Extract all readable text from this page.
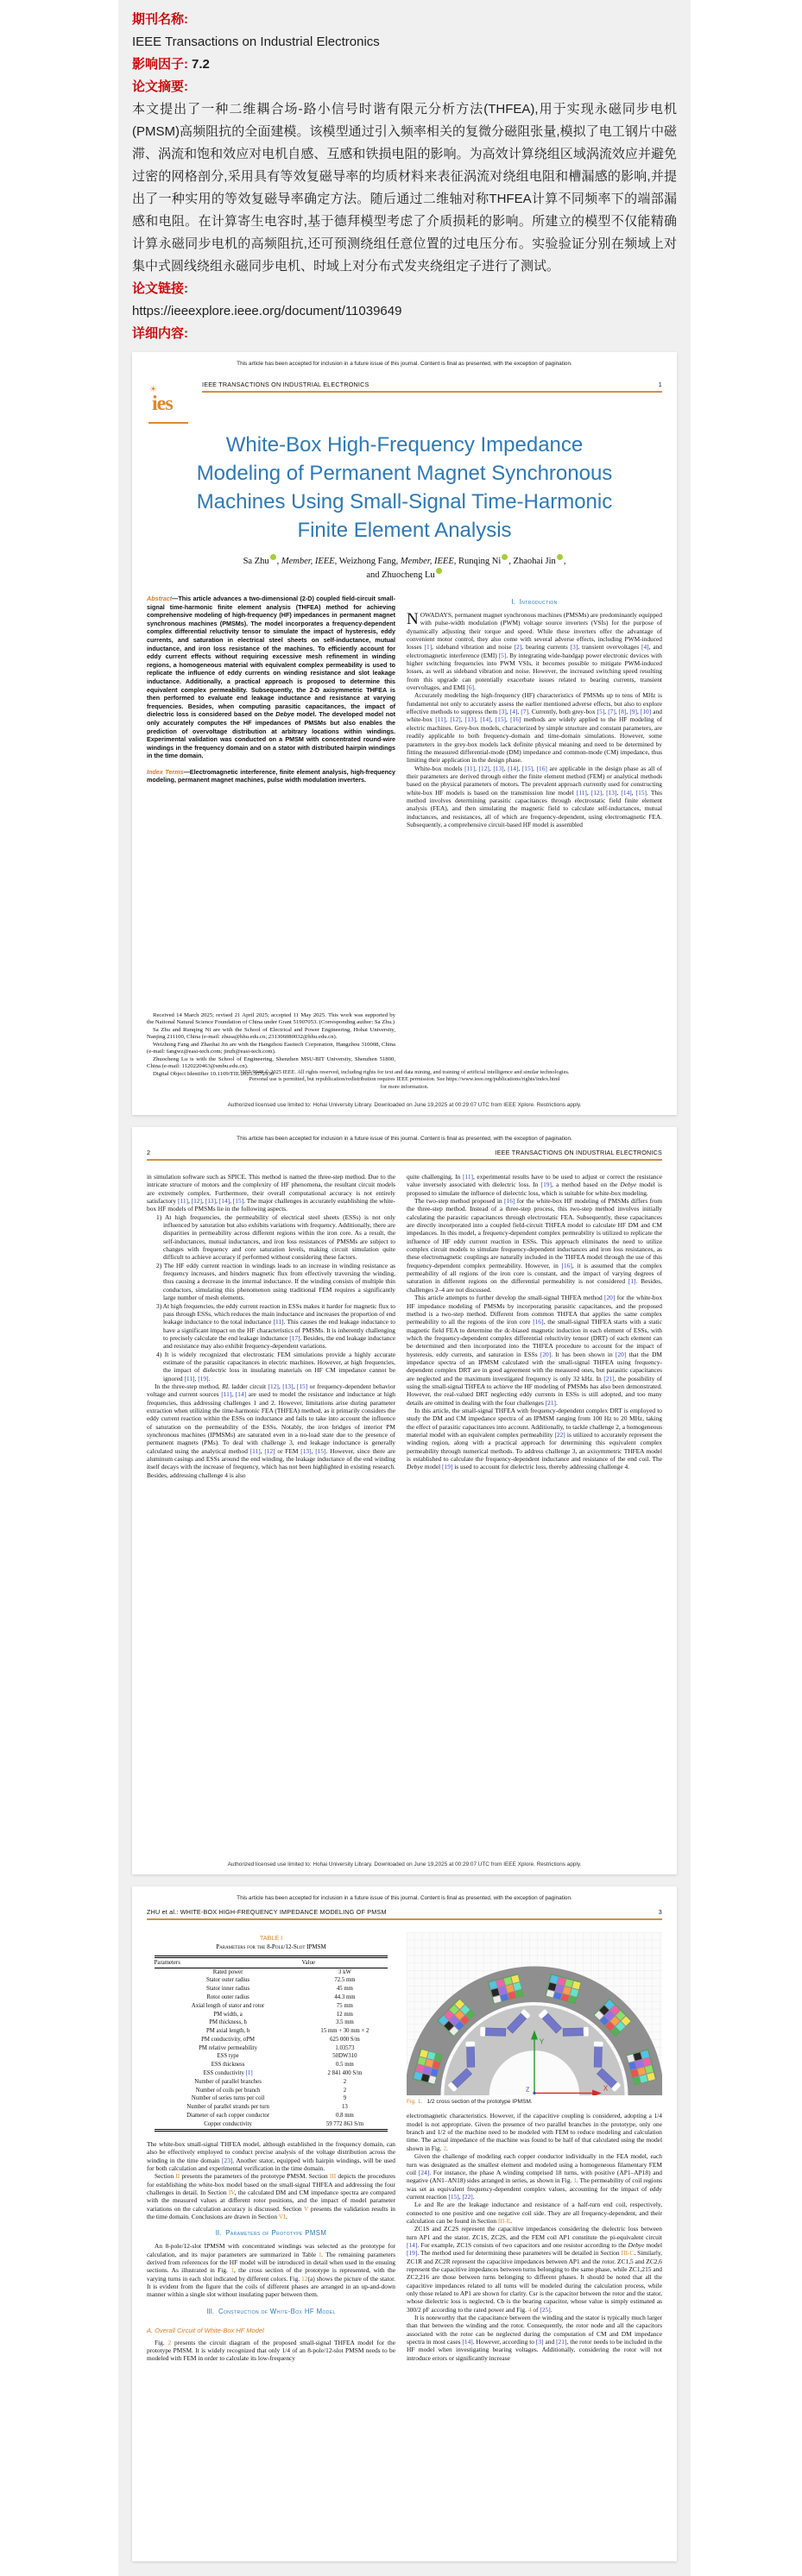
期刊名称:

IEEE Transactions on Industrial Electronics

影响因子: 7.2

论文摘要:

本文提出了一种二维耦合场-路小信号时谐有限元分析方法(THFEA),用于实现永磁同步电机(PMSM)高频阻抗的全面建模。该模型通过引入频率相关的复微分磁阻张量,模拟了电工钢片中磁滞、涡流和饱和效应对电机自感、互感和铁损电阻的影响。为高效计算绕组区域涡流效应并避免过密的网格剖分,采用具有等效复磁导率的均质材料来表征涡流对绕组电阻和槽漏感的影响,并提出了一种实用的等效复磁导率确定方法。随后通过二维轴对称THFEA计算不同频率下的端部漏感和电阻。在计算寄生电容时,基于德拜模型考虑了介质损耗的影响。所建立的模型不仅能精确计算永磁同步电机的高频阻抗,还可预测绕组任意位置的过电压分布。实验验证分别在频域上对集中式圆线绕组永磁同步电机、时域上对分布式发夹绕组定子进行了测试。

论文链接:

https://ieeexplore.ieee.org/document/11039649

详细内容:

This article has been accepted for inclusion in a future issue of this journal. Content is final as presented, with the exception of pagination.
☀
ies
IEEE TRANSACTIONS ON INDUSTRIAL ELECTRONICS	1
White-Box High-Frequency Impedance
Modeling of Permanent Magnet Synchronous
Machines Using Small-Signal Time-Harmonic
Finite Element Analysis
Sa Zhu , Member, IEEE, Weizhong Fang, Member, IEEE, Runqing Ni , Zhaohai Jin ,
and Zhuocheng Lu

Abstract—This article advances a two-dimensional (2-D) coupled field-circuit small-signal time-harmonic finite element analysis (THFEA) method for achieving comprehensive modeling of high-frequency (HF) impedances in permanent magnet synchronous machines (PMSMs). The model incorporates a frequency-dependent complex differential reluctivity tensor to simulate the impact of hysteresis, eddy currents, and saturation in electrical steel sheets on self-inductance, mutual inductance, and iron loss resistance of the machines. To efficiently account for eddy current effects without requiring excessive mesh refinement in winding regions, a homogeneous material with equivalent complex permeability is used to replicate the influence of eddy currents on winding resistance and slot leakage inductance. Additionally, a practical approach is proposed to determine this equivalent complex permeability. Subsequently, the 2-D axisymmetric THFEA is then performed to evaluate end leakage inductance and resistance at varying frequencies. Besides, when computing parasitic capacitances, the impact of dielectric loss is considered based on the Debye model. The developed model not only accurately computes the HF impedances of PMSMs but also enables the prediction of overvoltage distribution at arbitrary locations within windings. Experimental validation was conducted on a PMSM with concentrated round-wire windings in the frequency domain and on a stator with distributed hairpin windings in the time domain.

Index Terms—Electromagnetic interference, finite element analysis, high-frequency modeling, permanent magnet machines, pulse width modulation inverters.

Received 14 March 2025; revised 21 April 2025; accepted 11 May 2025. This work was supported by the National Natural Science Foundation of China under Grant 51907053. (Corresponding author: Sa Zhu.)

Sa Zhu and Runqing Ni are with the School of Electrical and Power Engineering, Hohai University, Nanjing 211100, China (e-mail: zhusa@hhu.edu.cn; 231306080032@hhu.edu.cn).

Weizhong Fang and Zhaohai Jin are with the Hangzhou Easitech Corporation, Hangzhou 310008, China (e-mail: fangwz@easi-tech.com; jinzh@easi-tech.com).

Zhuocheng Lu is with the School of Engineering, Shenzhen MSU-BIT University, Shenzhen 51800, China (e-mail: 1120220463@smbu.edu.cn).

Digital Object Identifier 10.1109/TIE.2025.3572930

I. Introduction

NOWADAYS, permanent magnet synchronous machines (PMSMs) are predominantly equipped with pulse-width modulation (PWM) voltage source inverters (VSIs) for the purpose of dynamically adjusting their torque and speed. While these inverters offer the advantage of convenient motor control, they also come with several adverse effects, including PWM-induced losses [1], sideband vibration and noise [2], bearing currents [3], transient overvoltages [4], and electromagnetic interference (EMI) [5]. By integrating wide-bandgap power electronic devices with higher switching frequencies into PWM VSIs, it becomes possible to mitigate PWM-induced losses, as well as sideband vibration and noise. However, the increased switching speed resulting from this upgrade can potentially exacerbate issues related to bearing currents, transient overvoltages, and EMI [6].

Accurately modeling the high-frequency (HF) characteristics of PMSMs up to tens of MHz is fundamental not only to accurately assess the earlier mentioned adverse effects, but also to explore effective methods to suppress them [3], [4], [7]. Currently, both grey-box [5], [7], [8], [9], [10] and white-box [11], [12], [13], [14], [15], [16] methods are widely applied to the HF modeling of electric machines. Grey-box models, characterized by simple structure and constant parameters, are readily applicable to both frequency-domain and time-domain simulations. However, some parameters in the grey-box models lack definite physical meaning and need to be determined by fitting the measured differential-mode (DM) impedance and common-mode (CM) impedance, thus limiting their application in the design phase.

White-box models [11], [12], [13], [14], [15], [16] are applicable in the design phase as all of their parameters are derived through either the finite element method (FEM) or analytical methods based on the physical parameters of motors. The prevalent approach currently used for constructing white-box HF models is based on the transmission line model [11], [12], [13], [14], [15]. This method involves determining parasitic capacitances through electrostatic field finite element analysis (FEA), and then simulating the magnetic field to calculate self-inductances, mutual inductances, and resistances, all of which are frequency-dependent, using electromagnetic FEA. Subsequently, a comprehensive circuit-based HF model is assembled

1557-9948 © 2025 IEEE. All rights reserved, including rights for text and data mining, and training of artificial intelligence and similar technologies.
Personal use is permitted, but republication/redistribution requires IEEE permission. See https://www.ieee.org/publications/rights/index.html
for more information.
Authorized licensed use limited to: Hohai University Library. Downloaded on June 19,2025 at 00:29:07 UTC from IEEE Xplore. Restrictions apply.
This article has been accepted for inclusion in a future issue of this journal. Content is final as presented, with the exception of pagination.
2	IEEE TRANSACTIONS ON INDUSTRIAL ELECTRONICS

in simulation software such as SPICE. This method is named the three-step method. Due to the intricate structure of motors and the complexity of HF phenomena, the resultant circuit models are extremely complex. Furthermore, their overall computational accuracy is not entirely satisfactory [11], [12], [13], [14], [15]. The major challenges in accurately establishing the white-box HF models of PMSMs lie in the following aspects.

1) At high frequencies, the permeability of electrical steel sheets (ESSs) is not only influenced by saturation but also exhibits variations with frequency. Additionally, there are disparities in permeability across different regions within the iron core. As a result, the self-inductances, mutual inductances, and iron loss resistances of PMSMs are subject to changes with frequency and core saturation levels, making circuit simulation quite difficult to achieve accuracy if performed without considering these factors.

2) The HF eddy current reaction in windings leads to an increase in winding resistance as frequency increases, and hinders magnetic flux from effectively traversing the winding, thus causing a decrease in the internal inductance. If the winding consists of multiple thin conductors, simulating this phenomenon using traditional FEM requires a significantly large number of mesh elements.

3) At high frequencies, the eddy current reaction in ESSs makes it harder for magnetic flux to pass through ESSs, which reduces the main inductance and increases the proportion of end leakage inductance to the total inductance [11]. This causes the end leakage inductance to have a significant impact on the HF characteristics of PMSMs. It is inherently challenging to precisely calculate the end leakage inductance [17]. Besides, the end leakage inductance and resistance may also exhibit frequency-dependent variations.

4) It is widely recognized that electrostatic FEM simulations provide a highly accurate estimate of the parasitic capacitances in electric machines. However, at high frequencies, the impact of dielectric loss in insulating materials on HF CM impedance cannot be ignored [11], [19].

In the three-step method, RL ladder circuit [12], [13], [15] or frequency-dependent behavior voltage and current sources [11], [14] are used to model the resistance and inductance at high frequencies, thus addressing challenges 1 and 2. However, limitations arise during parameter extraction when utilizing the time-harmonic FEA (THFEA) method, as it primarily considers the eddy current reaction within the ESSs on inductance and fails to take into account the influence of saturation on the permeability of the ESSs. Notably, the iron bridges of interior PM synchronous machines (IPMSMs) are saturated even in a no-load state due to the presence of permanent magnets (PMs). To deal with challenge 3, end leakage inductance is generally calculated using the analytical method [11], [12] or FEM [13], [15]. However, since there are aluminum casings and ESSs around the end winding, the leakage inductance of the end winding itself decays with the increase of frequency, which has not been highlighted in existing research. Besides, addressing challenge 4 is also

quite challenging. In [11], experimental results have to be used to adjust or correct the resistance value inversely associated with dielectric loss. In [19], a method based on the Debye model is proposed to simulate the influence of dielectric loss, which is suitable for white-box modeling.

The two-step method proposed in [16] for the white-box HF modeling of PMSMs differs from the three-step method. Instead of a three-step process, this two-step method involves initially calculating the parasitic capacitances through electrostatic FEA. Subsequently, these capacitances are directly incorporated into a coupled field-circuit THFEA model to calculate HF DM and CM impedances. In this model, a frequency-dependent complex permeability is utilized to replicate the influence of HF eddy current reaction in ESSs. This approach eliminates the need to utilize complex circuit models to simulate frequency-dependent inductances and iron loss resistances, as these electromagnetic couplings are naturally included in the THFEA model through the use of this frequency-dependent complex permeability. However, in [16], it is assumed that the complex permeability of all regions of the iron core is constant, and the impact of varying degrees of saturation in different regions on the differential permeability is not considered [1]. Besides, challenges 2–4 are not discussed.

This article attempts to further develop the small-signal THFEA method [20] for the white-box HF impedance modeling of PMSMs by incorporating parasitic capacitances, and the proposed method is a two-step method. Different from common THFEA that applies the same complex permeability to all the regions of the iron core [16], the small-signal THFEA starts with a static magnetic field FEA to determine the dc-biased magnetic induction in each element of ESSs, with which the frequency-dependent complex differential reluctivity tensor (DRT) of each element can be determined and then incorporated into the THFEA procedure to account for the impact of hysteresis, eddy currents, and saturation in ESSs [20]. It has been shown in [20] that the DM impedance spectra of an IPMSM calculated with the small-signal THFEA using frequency-dependent complex DRT are in good agreement with the measured ones, but parasitic capacitances are neglected and the maximum investigated frequency is only 32 kHz. In [21], the possibility of using the small-signal THFEA to achieve the HF modeling of PMSMs has also been demonstrated. However, the real-valued DRT neglecting eddy currents in ESSs is still adopted, and too many details are omitted in dealing with the four challenges [21].

In this article, the small-signal THFEA with frequency-dependent complex DRT is employed to study the DM and CM impedance spectra of an IPMSM ranging from 100 Hz to 20 MHz, taking the effect of parasitic capacitances into account. Additionally, to tackle challenge 2, a homogeneous material model with an equivalent complex permeability [22] is utilized to accurately represent the winding region, along with a practical approach for determining this equivalent complex permeability through numerical methods. To address challenge 3, an axisymmetric THFEA model is established to calculate the frequency-dependent inductance and resistance of the end coil. The Debye model [19] is used to account for dielectric loss, thereby addressing challenge 4.

Authorized licensed use limited to: Hohai University Library. Downloaded on June 19,2025 at 00:29:07 UTC from IEEE Xplore. Restrictions apply.
This article has been accepted for inclusion in a future issue of this journal. Content is final as presented, with the exception of pagination.
ZHU et al.: WHITE-BOX HIGH-FREQUENCY IMPEDANCE MODELING OF PMSM	3
TABLE I
Parameters for the 8-Pole/12-Slot IPMSM
Parameters	Value
Rated power	3 kW
Stator outer radius	72.5 mm
Stator inner radius	45 mm
Rotor outer radius	44.3 mm
Axial length of stator and rotor	75 mm
PM width, a	12 mm
PM thickness, h	3.5 mm
PM axial length, b	15 mm + 30 mm × 2
PM conductivity, σPM	625 000 S/m
PM relative permeability	1.03573
ESS type	50DW310
ESS thickness	0.5 mm
ESS conductivity [1]	2 841 400 S/m
Number of parallel branches	2
Number of coils per branch	2
Number of series turns per coil	9
Number of parallel strands per turn	13
Diameter of each copper conductor	0.8 mm
Copper conductivity	59 772 863 S/m

The white-box small-signal THFEA model, although established in the frequency domain, can also be effectively employed to conduct precise analysis of the voltage distribution across the winding in the time domain [23]. Another stator, equipped with hairpin windings, will be used for both calculation and experimental verification in the time domain.

Section II presents the parameters of the prototype PMSM. Section III depicts the procedures for establishing the white-box model based on the small-signal THFEA and addressing the four challenges in detail. In Section IV, the calculated DM and CM impedance spectra are compared with the measured values at different rotor positions, and the impact of model parameter variations on the calculation accuracy is discussed. Section V presents the validation results in the time domain. Conclusions are drawn in Section VI.

II. Parameters of Prototype PMSM

An 8-pole/12-slot IPMSM with concentrated windings was selected as the prototype for calculation, and its major parameters are summarized in Table I. The remaining parameters derived from references for the HF model will be introduced in detail when used in the ensuing sections. As illustrated in Fig. 1, the cross section of the prototype is represented, with the varying turns in each slot indicated by different colors. Fig. 12(a) shows the picture of the stator. It is evident from the figure that the coils of different phases are arranged in an up-and-down manner within a single slot without insulating paper between them.

III. Construction of White-Box HF Model

A. Overall Circuit of White-Box HF Model

Fig. 2 presents the circuit diagram of the proposed small-signal THFEA model for the prototype PMSM. It is widely recognized that only 1/4 of an 8-pole/12-slot PMSM needs to be modeled with FEM in order to calculate its low-frequency

Y
X
Z

Fig. 1. 1/2 cross section of the prototype IPMSM.

electromagnetic characteristics. However, if the capacitive coupling is considered, adopting a 1/4 model is not appropriate. Given the presence of two parallel branches in the prototype, only one branch and 1/2 of the machine need to be modeled with FEM to reduce modeling and calculation time. The actual impedance of the machine was found to be half of that calculated using the model shown in Fig. 2.

Given the challenge of modeling each copper conductor individually in the FEA model, each turn was designated as the smallest element and modeled using a homogeneous filamentary FEM coil [24]. For instance, the phase A winding comprised 18 turns, with positive (AP1–AP18) and negative (AN1–AN18) sides arranged in series, as shown in Fig. 1. The permeability of coil regions was set as equivalent frequency-dependent complex values, accounting for the impact of eddy current reaction [15], [22].

Le and Re are the leakage inductance and resistance of a half-turn end coil, respectively, connected to one positive and one negative coil side. They are all frequency-dependent, and their calculation can be found in Section III-E.

ZC1S and ZC2S represent the capacitive impedances considering the dielectric loss between turn AP1 and the stator. ZC1S, ZC2S, and the FEM coil AP1 constitute the pi-equivalent circuit [14]. For example, ZC1S consists of two capacitors and one resistor according to the Debye model [19]. The method used for determining these parameters will be detailed in Section III-C. Similarly, ZC1R and ZC2R represent the capacitive impedances between AP1 and the rotor. ZC1,5 and ZC2,6 represent the capacitive impedances between turns belonging to the same phase, while ZC1,215 and ZC2,216 are those between turns belonging to different phases. It should be noted that all the capacitive impedances related to all turns will be modeled during the calculation process, while only those related to AP1 are shown for clarity. Csr is the capacitor between the rotor and the stator, whose dielectric loss is neglected. Cb is the bearing capacitor, whose value is simply estimated as 300/2 pF according to the rated power and Fig. 4 of [25].

It is noteworthy that the capacitance between the winding and the stator is typically much larger than that between the winding and the rotor. Consequently, the rotor node and all the capacitors associated with the rotor can be neglected during the computation of CM and DM impedance spectra in most cases [14]. However, according to [3] and [21], the rotor needs to be included in the HF model when investigating bearing voltages. Additionally, considering the rotor will not introduce errors or significantly increase
